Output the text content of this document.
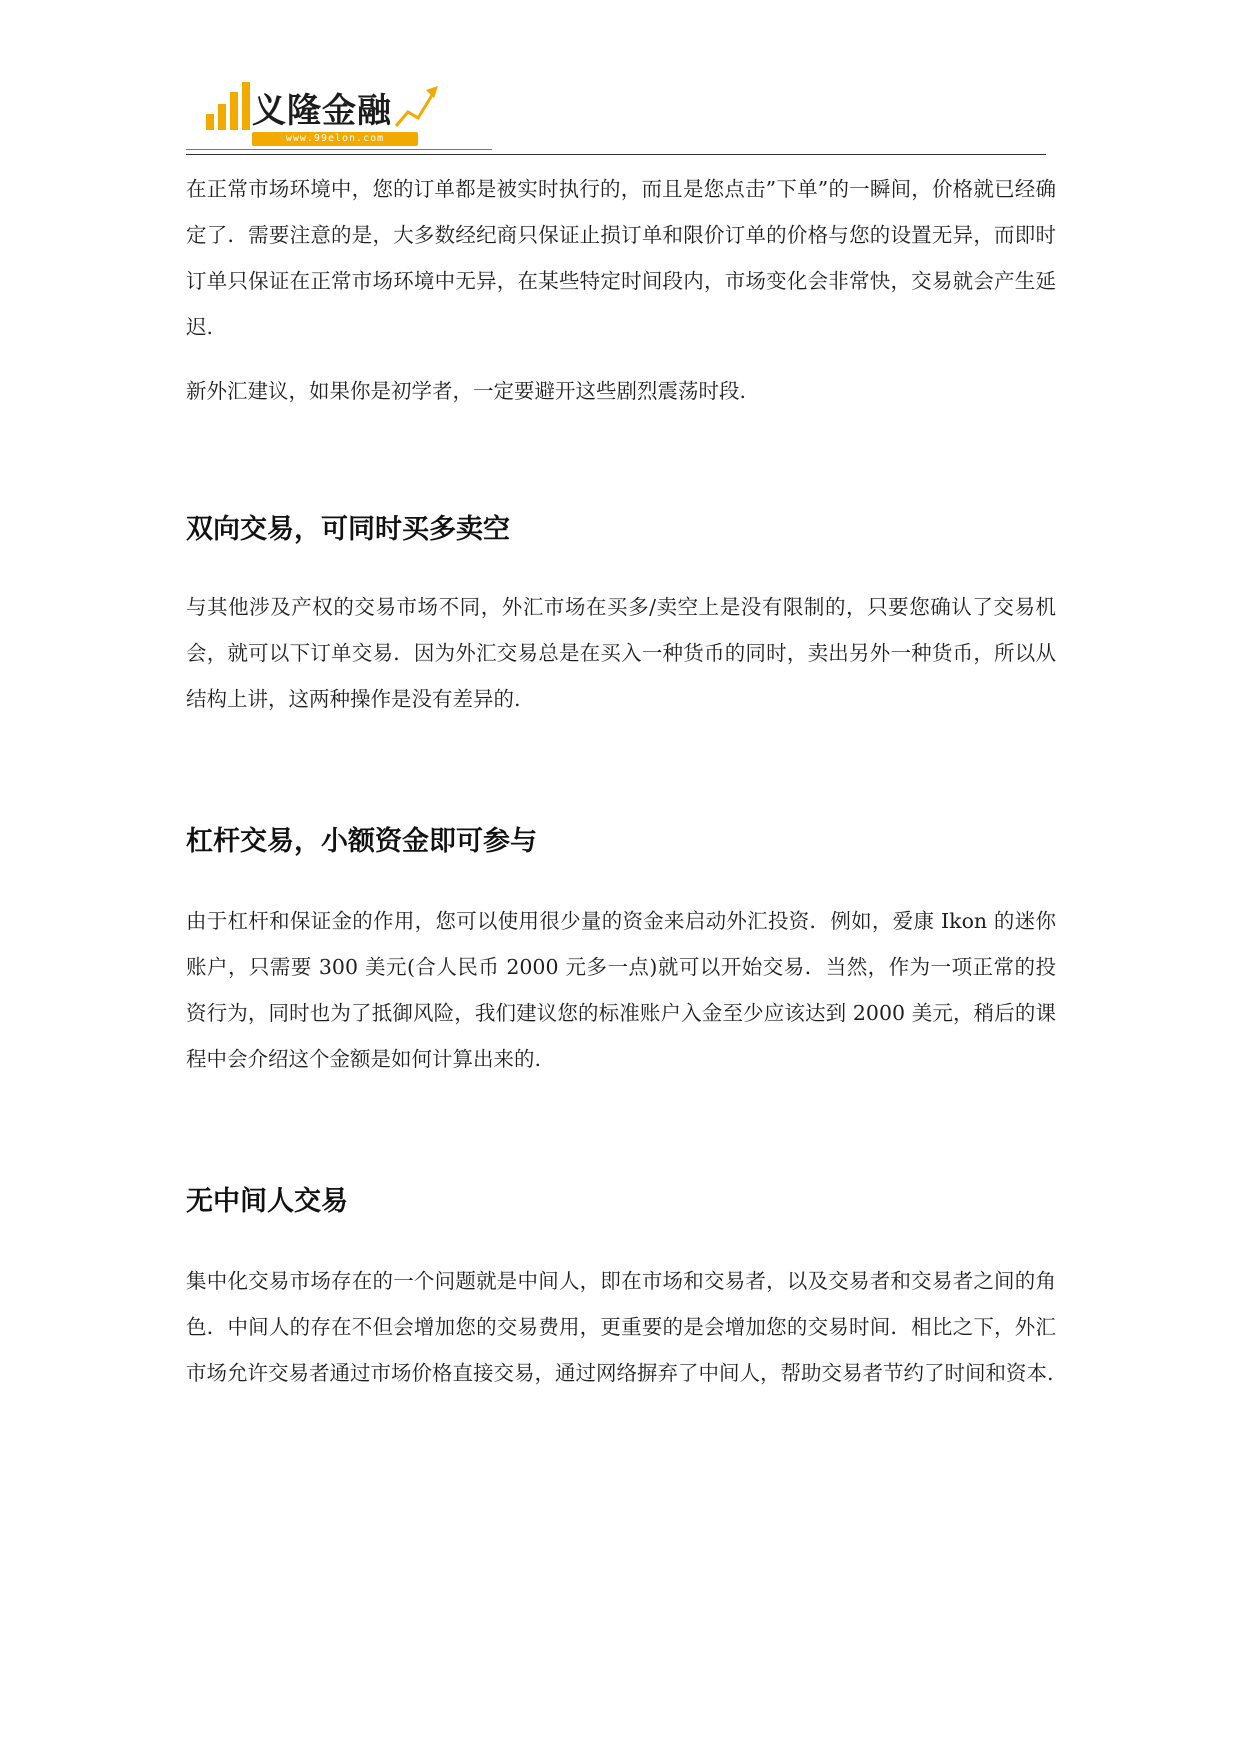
义隆金融
www.99elon.com

在正常市场环境中，您的订单都是被实时执行的，而且是您点击”下单”的一瞬间，价格就已经确定了．需要注意的是，大多数经纪商只保证止损订单和限价订单的价格与您的设置无异，而即时订单只保证在正常市场环境中无异，在某些特定时间段内，市场变化会非常快，交易就会产生延迟.

新外汇建议，如果你是初学者，一定要避开这些剧烈震荡时段.

双向交易，可同时买多卖空

与其他涉及产权的交易市场不同，外汇市场在买多/卖空上是没有限制的，只要您确认了交易机会，就可以下订单交易．因为外汇交易总是在买入一种货币的同时，卖出另外一种货币，所以从结构上讲，这两种操作是没有差异的.

杠杆交易，小额资金即可参与

由于杠杆和保证金的作用，您可以使用很少量的资金来启动外汇投资．例如，爱康 Ikon 的迷你账户，只需要 300 美元(合人民币 2000 元多一点)就可以开始交易．当然，作为一项正常的投资行为，同时也为了抵御风险，我们建议您的标准账户入金至少应该达到 2000 美元，稍后的课程中会介绍这个金额是如何计算出来的.

无中间人交易

集中化交易市场存在的一个问题就是中间人，即在市场和交易者，以及交易者和交易者之间的角色．中间人的存在不但会增加您的交易费用，更重要的是会增加您的交易时间．相比之下，外汇市场允许交易者通过市场价格直接交易，通过网络摒弃了中间人，帮助交易者节约了时间和资本.
